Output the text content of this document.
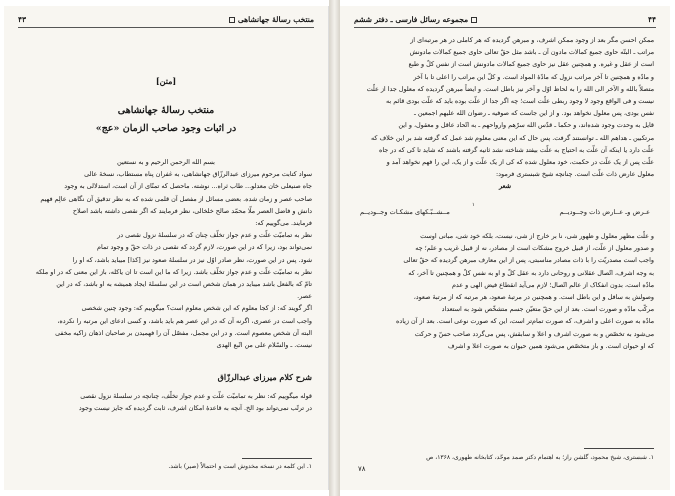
منتخب رسالۀ جهانشاهی
۴۳
[متن]
منتخب رسالۀ جهانشاهی
در اثبات وجود صاحب الزمان «عج»
بسم الله الرحمن الرحیم و به نستعین
سواد کتابت مرحوم میرزای عبدالرزّاق جهانشاهی، به غفران پناه مستطاب، نسخۀ عالی
جاه صنیعلی خان معدلو... طاب ثراه... نوشته. ماحصل که تمنّای از آن است، استدلالی به وجود
صاحب عصر و زمان شده. بعضی مسائل از مفصل آن قلمی شده که به نظر تدقیق آن نگاهی عالِم فهیم
دانش و فاضل العصر ملّا محمّد صالح خلخالی، نظر فرمایند که اگر نقصی داشته باشد اصلاح
فرمایند. می‌گوییم که:
نظر به تمامیّت علّت و عدم جواز تخلّف چنان که در سلسلۀ نزول نقصی در
نمی‌تواند بود، زیرا که در این صورت، لازم گردد که نقصی در ذات حقّ و وجود تمام
شود. پس در این صورت، نظر صادر اوّل نیز در سلسلۀ صعود نیز [کذا] میباید باشد، که او را
نظر به تمامیّت علّت و عدم جواز تخلّف باشد. زیرا که ما این است تا ان یاکله، باز این معنی که در او ملکه
تامّ که بالفعل باشد میباید در همان شخص است در این سلسلۀ ایجاد همیشه به او باشد، که در این
عصر.
اگر گویند که: از کجا معلوم که این شخص معلوم است؟ میگوییم که: وجود چنین شخصی
واجب است در عصری، اگرنه آن که در این عصر هم باید باشد، و کسی ادعای این مرتبه را نکرده،
البته آن شخص معصوم است. و در این مجمل، مفصّل آن را فهمیدن بر صاحبان اذهان زاکیه مخفی
نیست. ـ والسّلام علی من اتّبع الهدی
شرح کلام میرزای عبدالرزّاق
قوله میگوییم که: نظر به تمامیّت علّت و عدم جواز تخلّف، چنانچه در سلسلۀ نزول نقصی
در ترتّب نمی‌تواند بود الخ. آنچه به قاعدۀ امکان اشرف، ثابت گردیده که جایز نیست وجود
۱. این کلمه در نسخه مخدوش است و احتمالاً (صیر) باشد.
۴۴
مجموعه رسائل فارسی ـ دفتر ششم
ممکن احسن مگر بعد از وجود ممکن اشرف، و مبرهن گردیده که هر کاملی در هر مرتبه‌ای از
مراتب ـ البتّه حاوی جمیع کمالات مادون آن ـ باشد مثل حقّ تعالی حاوی جمیع کمالات مادونش
است از عقل و غیره. و همچنین عقل نیز حاوی جمیع کمالات مادونش است از نفس کلّ و طبع
و مادّه و همچنین تا آخر مراتب نزول که مادّۀ المواد است. و کلّ این مراتب را اعلی تا با آخر
متصلاً بالله و الآخر الی الله را به لحاظ اوّل و آخر نیز باطل است. و ایضاً مبرهن گردیده که معلول جدا از علّت
نیست و فی الواقع وجود لا وجود ربطی علّت است؛ چه اگر جدا از علّت بوده باید که علّت بودی قائم به
نفس بودی، پس معلول نخواهد بود. و از این جاست که صوفیه ـ رضوان الله علیهم اجمعین ـ
قایل به وحدت وجود شده‌اند، و حکما ـ قدّس الله سرّهم وارواحهم ـ به اتّحاد عاقل و معقول، و این
مرتکبین ـ هداهم الله ـ توانستند گرفت. پس حال که این معنی معلوم شد عمل که گرفته شد بر این خلاف که
علّت دارد یا اینکه آن علّت به احتیاج به علّت بیفتد شناخته نشد ثانیه گرفته باشند که شاید تا کی که در جاه
علّت پس از یک علّت در حکمت، خود معلول شده که کی از یک علّت و از یک، این را فهم نخواهد آمد و
معلول عارض ذات علّت است. چنانچه شیخ شبستری فرمود:
شعر
عـرض وـ عــارض ذات وجــودیــم
۱
مــشــبّـکهای مشکـات وجــودیــم
و علّت مظهر معلول و ظهور شی، نا بر خارج از شی، نیست، بلکه خود شی، مبانی اوست
و صدور معلول از علّت، از قبیل خروج مشکات است از مصادر، نه از قبیل غریب و علم؛ چه
واجب است مصدریّت را با ذات مصادر مناسبتی، پس از این معارف مبرهن گردیده که حقّ تعالی
به وجه اشرف، اتّصال عقلانی و روحانی دارد به عقل کلّ و او به نفس کلّ و همچنین تا آخر، که
مادّه است، بدون انفکاک از عالم اتّصال؛ لازم می‌آید انقطاع فیض الهی و عدم
وصولش به سافل و این باطل است. و همچنین در مرتبۀ صعود، هر مرتبه که از مرتبۀ صعود،
مرکّب مادّه و صورت است. بعد از این حقّ متعیّن جسم متشخّص شود به استعداد
مادّه به صورت اعلی و اشرف، که صورت تمام‌تر است، این که صورت نوعی است. بعد از آن زیاده
می‌شود به تخصّص و به صورت اشرف و اعلا و سابقش، پس می‌گردد صاحب حسّ و حرکت
که او حیوان است. و باز متخصّص می‌شود همین حیوان به صورت اعلا و اشرف
۱. شبستری، شیخ محمود، گلشن راز؛ به اهتمام دکتر صمد موحّد، کتابخانه طهوری، ۱۳۶۸، ص
۷۸
